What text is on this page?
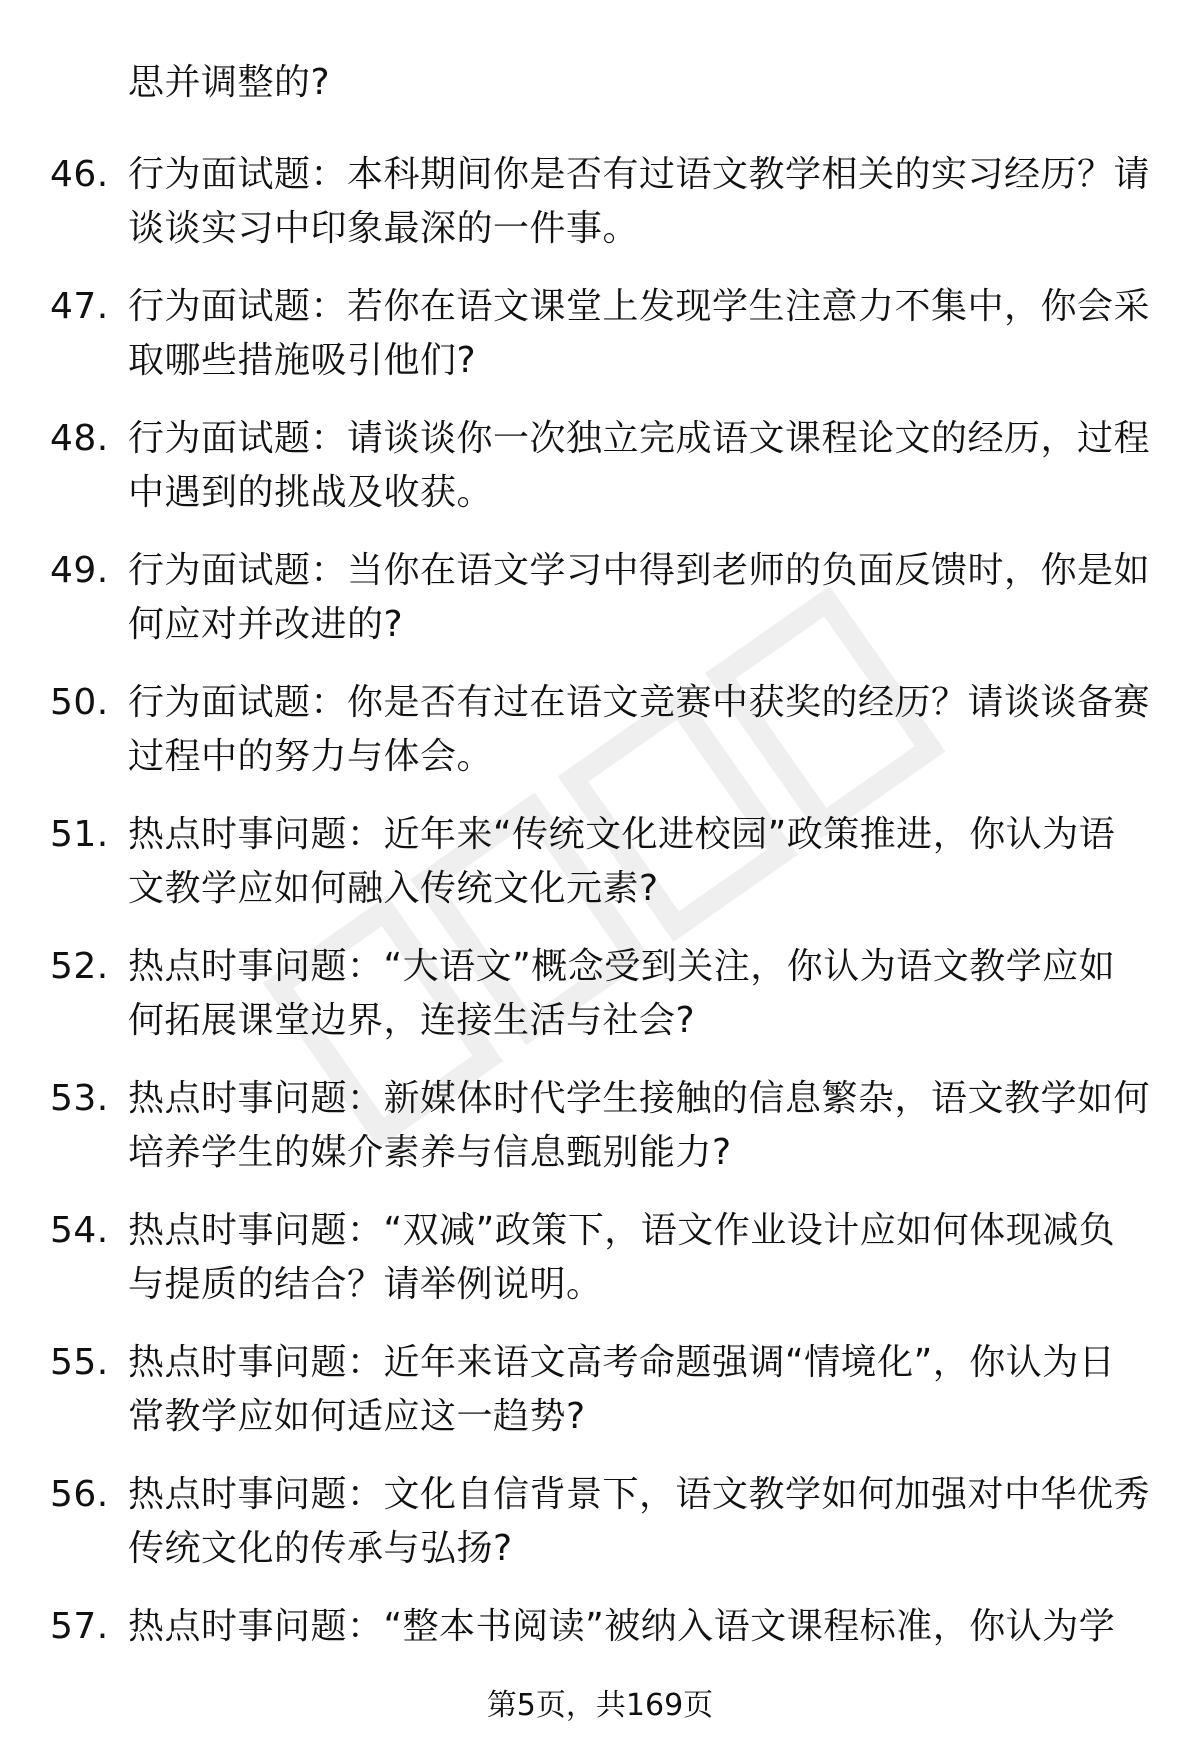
思并调整的?
46. 行为面试题：本科期间你是否有过语文教学相关的实习经历？请
谈谈实习中印象最深的一件事。
47. 行为面试题：若你在语文课堂上发现学生注意力不集中，你会采
取哪些措施吸引他们?
48. 行为面试题：请谈谈你一次独立完成语文课程论文的经历，过程
中遇到的挑战及收获。
49. 行为面试题：当你在语文学习中得到老师的负面反馈时，你是如
何应对并改进的?
50. 行为面试题：你是否有过在语文竞赛中获奖的经历？请谈谈备赛
过程中的努力与体会。
51. 热点时事问题：近年来“传统文化进校园”政策推进，你认为语
文教学应如何融入传统文化元素?
52. 热点时事问题：“大语文”概念受到关注，你认为语文教学应如
何拓展课堂边界，连接生活与社会?
53. 热点时事问题：新媒体时代学生接触的信息繁杂，语文教学如何
培养学生的媒介素养与信息甄别能力?
54. 热点时事问题：“双减”政策下，语文作业设计应如何体现减负
与提质的结合？请举例说明。
55. 热点时事问题：近年来语文高考命题强调“情境化”，你认为日
常教学应如何适应这一趋势?
56. 热点时事问题：文化自信背景下，语文教学如何加强对中华优秀
传统文化的传承与弘扬?
57. 热点时事问题：“整本书阅读”被纳入语文课程标准，你认为学
第5页，共169页
